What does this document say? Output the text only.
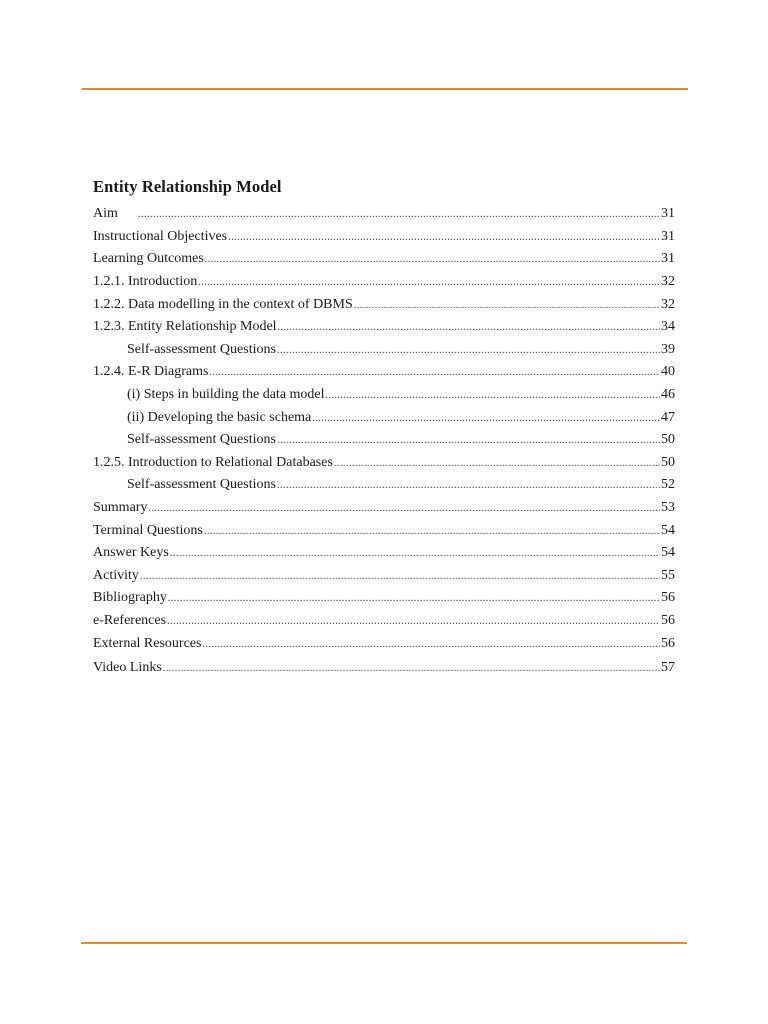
Entity Relationship Model
Aim .....	31
Instructional Objectives .....	31
Learning Outcomes .....	31
1.2.1. Introduction .....	32
1.2.2. Data modelling in the context of DBMS .....	32
1.2.3. Entity Relationship Model .....	34
Self-assessment Questions .....	39
1.2.4. E-R Diagrams .....	40
(i) Steps in building the data model .....	46
(ii) Developing the basic schema .....	47
Self-assessment Questions .....	50
1.2.5. Introduction to Relational Databases .....	50
Self-assessment Questions .....	52
Summary .....	53
Terminal Questions .....	54
Answer Keys .....	54
Activity .....	55
Bibliography .....	56
e-References .....	56
External Resources .....	56
Video Links .....	57
